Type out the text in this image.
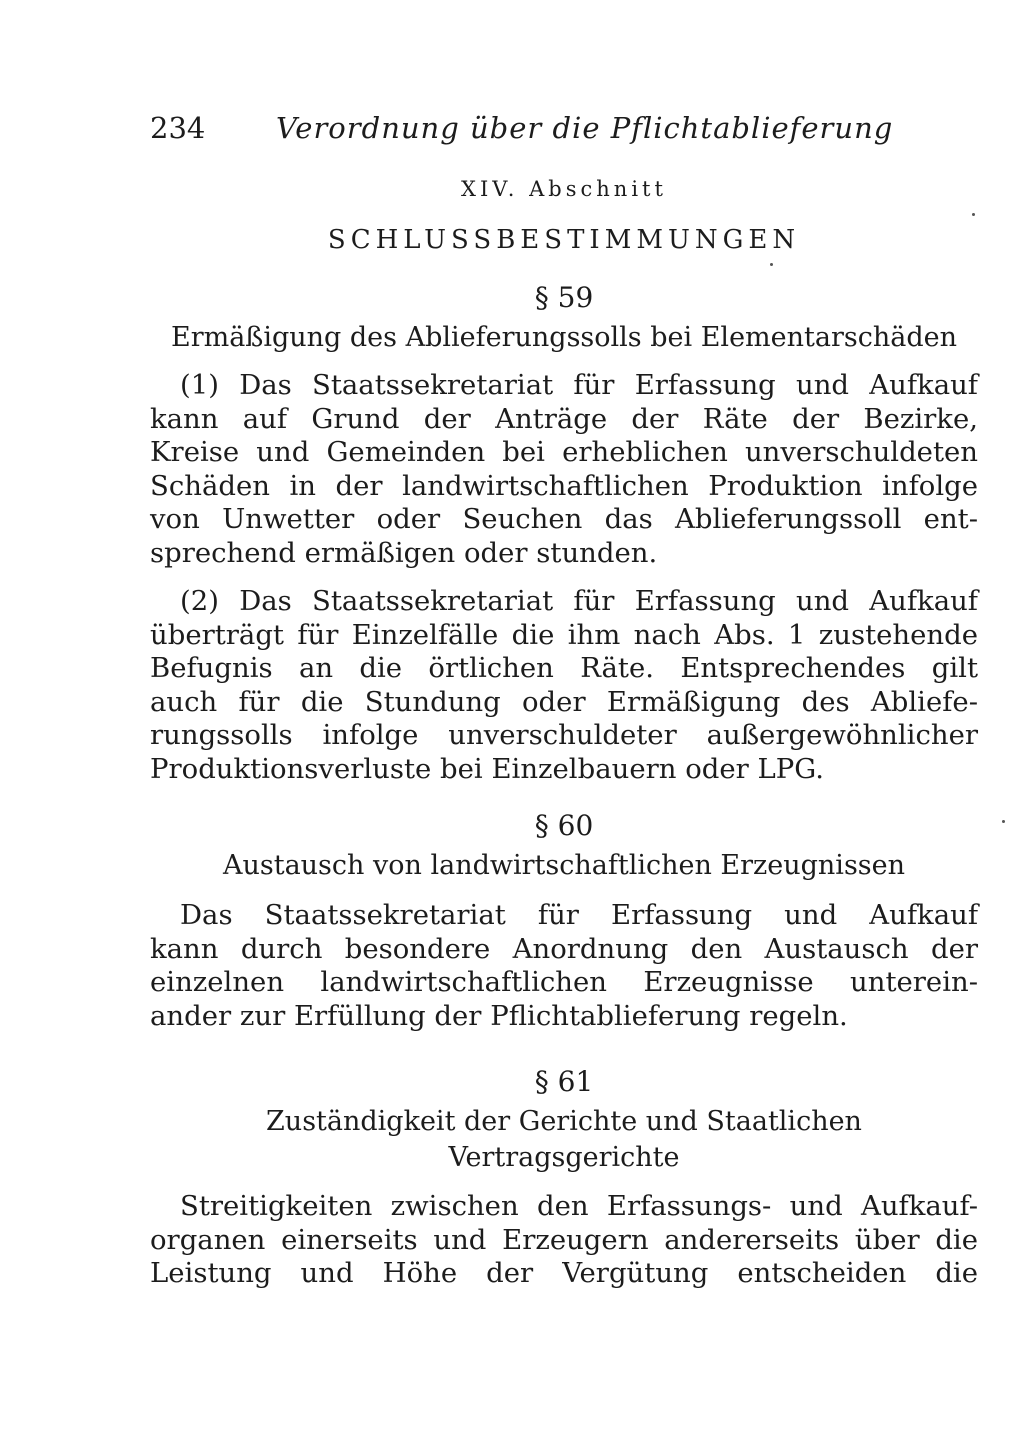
234 Verordnung über die Pflichtablieferung
XIV. Abschnitt
SCHLUSSBESTIMMUNGEN
§ 59
Ermäßigung des Ablieferungssolls bei Elementarschäden
(1) Das Staatssekretariat für Erfassung und Aufkauf
kann auf Grund der Anträge der Räte der Bezirke,
Kreise und Gemeinden bei erheblichen unverschuldeten
Schäden in der landwirtschaftlichen Produktion infolge
von Unwetter oder Seuchen das Ablieferungssoll ent-
sprechend ermäßigen oder stunden.
(2) Das Staatssekretariat für Erfassung und Aufkauf
überträgt für Einzelfälle die ihm nach Abs. 1 zustehende
Befugnis an die örtlichen Räte. Entsprechendes gilt
auch für die Stundung oder Ermäßigung des Abliefe-
rungssolls infolge unverschuldeter außergewöhnlicher
Produktionsverluste bei Einzelbauern oder LPG.
§ 60
Austausch von landwirtschaftlichen Erzeugnissen
Das Staatssekretariat für Erfassung und Aufkauf
kann durch besondere Anordnung den Austausch der
einzelnen landwirtschaftlichen Erzeugnisse unterein-
ander zur Erfüllung der Pflichtablieferung regeln.
§ 61
Zuständigkeit der Gerichte und Staatlichen
Vertragsgerichte
Streitigkeiten zwischen den Erfassungs- und Aufkauf-
organen einerseits und Erzeugern andererseits über die
Leistung und Höhe der Vergütung entscheiden die
